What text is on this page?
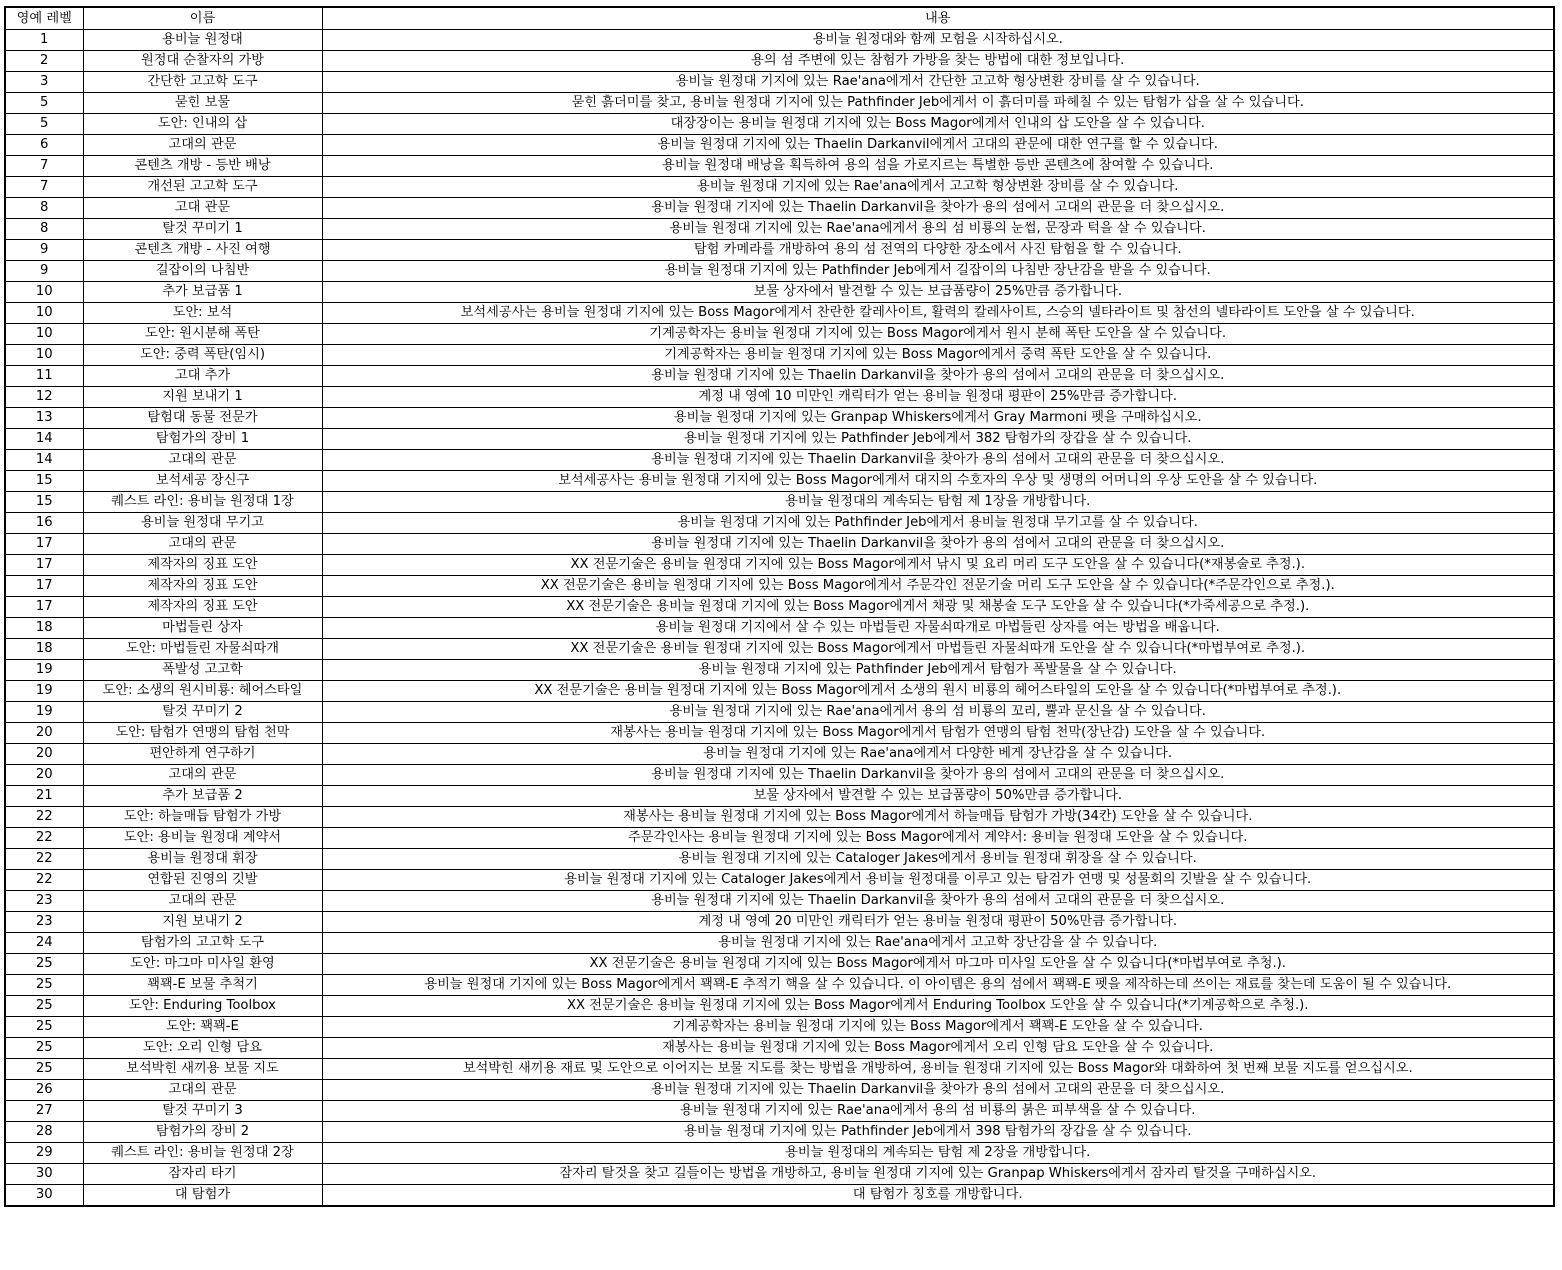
영예 레벨	이름	내용
1	용비늘 원정대	용비늘 원정대와 함께 모험을 시작하십시오.
2	원정대 순찰자의 가방	용의 섬 주변에 있는 참험가 가방을 찾는 방법에 대한 정보입니다.
3	간단한 고고학 도구	용비늘 원정대 기지에 있는 Rae'ana에게서 간단한 고고학 형상변환 장비를 살 수 있습니다.
5	묻힌 보물	묻힌 흙더미를 찾고, 용비늘 원정대 기지에 있는 Pathfinder Jeb에게서 이 흙더미를 파헤칠 수 있는 탐험가 삽을 살 수 있습니다.
5	도안: 인내의 삽	대장장이는 용비늘 원정대 기지에 있는 Boss Magor에게서 인내의 삽 도안을 살 수 있습니다.
6	고대의 관문	용비늘 원정대 기지에 있는 Thaelin Darkanvil에게서 고대의 관문에 대한 연구를 할 수 있습니다.
7	콘텐츠 개방 - 등반 배낭	용비늘 원정대 배낭을 획득하여 용의 섬을 가로지르는 특별한 등반 콘텐츠에 참여할 수 있습니다.
7	개선된 고고학 도구	용비늘 원정대 기지에 있는 Rae'ana에게서 고고학 형상변환 장비를 살 수 있습니다.
8	고대 관문	용비늘 원정대 기지에 있는 Thaelin Darkanvil을 찾아가 용의 섬에서 고대의 관문을 더 찾으십시오.
8	탈것 꾸미기 1	용비늘 원정대 기지에 있는 Rae'ana에게서 용의 섬 비룡의 눈썹, 문장과 턱을 살 수 있습니다.
9	콘텐츠 개방 - 사진 여행	탐험 카메라를 개방하여 용의 섬 전역의 다양한 장소에서 사진 탐험을 할 수 있습니다.
9	길잡이의 나침반	용비늘 원정대 기지에 있는 Pathfinder Jeb에게서 길잡이의 나침반 장난감을 받을 수 있습니다.
10	추가 보급품 1	보물 상자에서 발견할 수 있는 보급품량이 25%만큼 증가합니다.
10	도안: 보석	보석세공사는 용비늘 원정대 기지에 있는 Boss Magor에게서 찬란한 칼레사이트, 활력의 칼레사이트, 스승의 넬타라이트 및 참선의 넬타라이트 도안을 살 수 있습니다.
10	도안: 원시분해 폭탄	기계공학자는 용비늘 원정대 기지에 있는 Boss Magor에게서 원시 분해 폭탄 도안을 살 수 있습니다.
10	도안: 중력 폭탄(임시)	기계공학자는 용비늘 원정대 기지에 있는 Boss Magor에게서 중력 폭탄 도안을 살 수 있습니다.
11	고대 추가	용비늘 원정대 기지에 있는 Thaelin Darkanvil을 찾아가 용의 섬에서 고대의 관문을 더 찾으십시오.
12	지원 보내기 1	계정 내 영예 10 미만인 캐릭터가 얻는 용비늘 원정대 평판이 25%만큼 증가합니다.
13	탐험대 동물 전문가	용비늘 원정대 기지에 있는 Granpap Whiskers에게서 Gray Marmoni 펫을 구매하십시오.
14	탐험가의 장비 1	용비늘 원정대 기지에 있는 Pathfinder Jeb에게서 382 탐험가의 장갑을 살 수 있습니다.
14	고대의 관문	용비늘 원정대 기지에 있는 Thaelin Darkanvil을 찾아가 용의 섬에서 고대의 관문을 더 찾으십시오.
15	보석세공 장신구	보석세공사는 용비늘 원정대 기지에 있는 Boss Magor에게서 대지의 수호자의 우상 및 생명의 어머니의 우상 도안을 살 수 있습니다.
15	퀘스트 라인: 용비늘 원정대 1장	용비늘 원정대의 계속되는 탐험 제 1장을 개방합니다.
16	용비늘 원정대 무기고	용비늘 원정대 기지에 있는 Pathfinder Jeb에게서 용비늘 원정대 무기고를 살 수 있습니다.
17	고대의 관문	용비늘 원정대 기지에 있는 Thaelin Darkanvil을 찾아가 용의 섬에서 고대의 관문을 더 찾으십시오.
17	제작자의 징표 도안	XX 전문기술은 용비늘 원정대 기지에 있는 Boss Magor에게서 낚시 및 요리 머리 도구 도안을 살 수 있습니다(*재봉술로 추정.).
17	제작자의 징표 도안	XX 전문기술은 용비늘 원정대 기지에 있는 Boss Magor에게서 주문각인 전문기술 머리 도구 도안을 살 수 있습니다(*주문각인으로 추정.).
17	제작자의 징표 도안	XX 전문기술은 용비늘 원정대 기지에 있는 Boss Magor에게서 채광 및 채봉술 도구 도안을 살 수 있습니다(*가죽세공으로 추정.).
18	마법들린 상자	용비늘 원정대 기지에서 살 수 있는 마법들린 자물쇠따개로 마법들린 상자를 여는 방법을 배웁니다.
18	도안: 마법들린 자물쇠따개	XX 전문기술은 용비늘 원정대 기지에 있는 Boss Magor에게서 마법들린 자물쇠따개 도안을 살 수 있습니다(*마법부여로 추정.).
19	폭발성 고고학	용비늘 원정대 기지에 있는 Pathfinder Jeb에게서 탐험가 폭발물을 살 수 있습니다.
19	도안: 소생의 원시비룡: 헤어스타일	XX 전문기술은 용비늘 원정대 기지에 있는 Boss Magor에게서 소생의 원시 비룡의 헤어스타일의 도안을 살 수 있습니다(*마법부여로 추정.).
19	탈것 꾸미기 2	용비늘 원정대 기지에 있는 Rae'ana에게서 용의 섬 비룡의 꼬리, 뿔과 문신을 살 수 있습니다.
20	도안: 탐험가 연맹의 탐험 천막	재봉사는 용비늘 원정대 기지에 있는 Boss Magor에게서 탐험가 연맹의 탐험 천막(장난감) 도안을 살 수 있습니다.
20	편안하게 연구하기	용비늘 원정대 기지에 있는 Rae'ana에게서 다양한 베게 장난감을 살 수 있습니다.
20	고대의 관문	용비늘 원정대 기지에 있는 Thaelin Darkanvil을 찾아가 용의 섬에서 고대의 관문을 더 찾으십시오.
21	추가 보급품 2	보물 상자에서 발견할 수 있는 보급품량이 50%만큼 증가합니다.
22	도안: 하늘매듭 탐험가 가방	재봉사는 용비늘 원정대 기지에 있는 Boss Magor에게서 하늘매듭 탐험가 가방(34칸) 도안을 살 수 있습니다.
22	도안: 용비늘 원정대 계약서	주문각인사는 용비늘 원정대 기지에 있는 Boss Magor에게서 계약서: 용비늘 원정대 도안을 살 수 있습니다.
22	용비늘 원정대 휘장	용비늘 원정대 기지에 있는 Cataloger Jakes에게서 용비늘 원정대 휘장을 살 수 있습니다.
22	연합된 진영의 깃발	용비늘 원정대 기지에 있는 Cataloger Jakes에게서 용비늘 원정대를 이루고 있는 탐검가 연맹 및 성물회의 깃발을 살 수 있습니다.
23	고대의 관문	용비늘 원정대 기지에 있는 Thaelin Darkanvil을 찾아가 용의 섬에서 고대의 관문을 더 찾으십시오.
23	지원 보내기 2	계정 내 영예 20 미만인 캐릭터가 얻는 용비늘 원정대 평판이 50%만큼 증가합니다.
24	탐험가의 고고학 도구	용비늘 원정대 기지에 있는 Rae'ana에게서 고고학 장난감을 살 수 있습니다.
25	도안: 마그마 미사일 환영	XX 전문기술은 용비늘 원정대 기지에 있는 Boss Magor에게서 마그마 미사일 도안을 살 수 있습니다(*마법부여로 추청.).
25	꽥꽥-E 보물 추척기	용비늘 원정대 기지에 있는 Boss Magor에게서 꽥꽥-E 추적기 핵을 살 수 있습니다. 이 아이템은 용의 섬에서 꽥꽥-E 펫을 제작하는데 쓰이는 재료를 찾는데 도움이 될 수 있습니다.
25	도안: Enduring Toolbox	XX 전문기술은 용비늘 원정대 기지에 있는 Boss Magor에게서 Enduring Toolbox 도안을 살 수 있습니다(*기계공학으로 추청.).
25	도안: 꽥꽥-E	기계공학자는 용비늘 원정대 기지에 있는 Boss Magor에게서 꽥꽥-E 도안을 살 수 있습니다.
25	도안: 오리 인형 담요	재봉사는 용비늘 원정대 기지에 있는 Boss Magor에게서 오리 인형 담요 도안을 살 수 있습니다.
25	보석박힌 새끼용 보물 지도	보석박힌 새끼용 재료 및 도안으로 이어지는 보물 지도를 찾는 방법을 개방하여, 용비늘 원정대 기지에 있는 Boss Magor와 대화하여 첫 번째 보물 지도를 얻으십시오.
26	고대의 관문	용비늘 원정대 기지에 있는 Thaelin Darkanvil을 찾아가 용의 섬에서 고대의 관문을 더 찾으십시오.
27	탈것 꾸미기 3	용비늘 원정대 기지에 있는 Rae'ana에게서 용의 섬 비룡의 붉은 피부색을 살 수 있습니다.
28	탐험가의 장비 2	용비늘 원정대 기지에 있는 Pathfinder Jeb에게서 398 탐험가의 장갑을 살 수 있습니다.
29	퀘스트 라인: 용비늘 원정대 2장	용비늘 원정대의 계속되는 탐험 제 2장을 개방합니다.
30	잠자리 타기	잠자리 탈것을 찾고 길들이는 방법을 개방하고, 용비늘 원정대 기지에 있는 Granpap Whiskers에게서 잠자리 탈것을 구매하십시오.
30	대 탐험가	대 탐험가 칭호를 개방합니다.
